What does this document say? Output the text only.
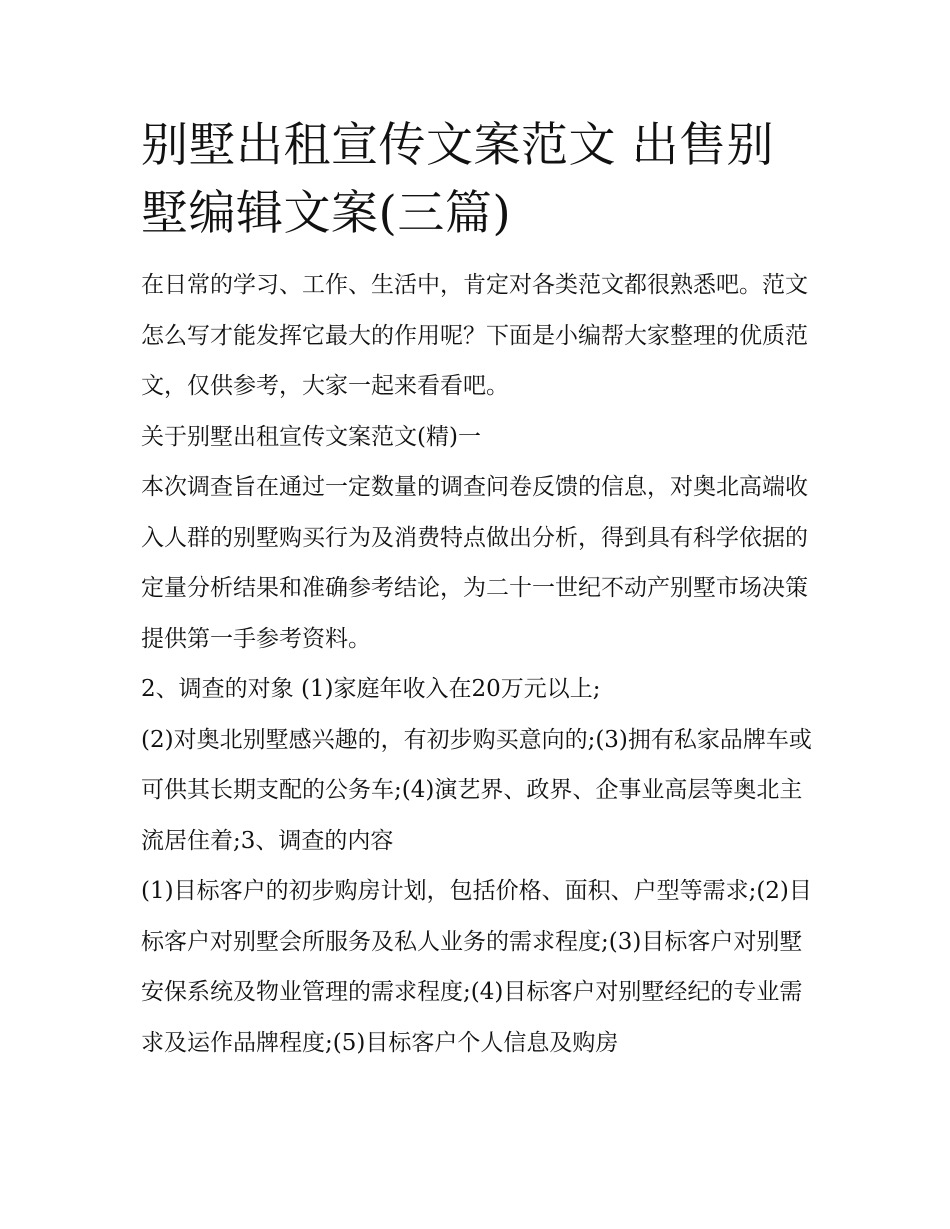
别墅出租宣传文案范文 出售别墅编辑文案(三篇)

在日常的学习、工作、生活中，肯定对各类范文都很熟悉吧。范文怎么写才能发挥它最大的作用呢？下面是小编帮大家整理的优质范文，仅供参考，大家一起来看看吧。

关于别墅出租宣传文案范文(精)一

本次调查旨在通过一定数量的调查问卷反馈的信息，对奥北高端收入人群的别墅购买行为及消费特点做出分析，得到具有科学依据的定量分析结果和准确参考结论，为二十一世纪不动产别墅市场决策提供第一手参考资料。

2、调查的对象 (1)家庭年收入在20万元以上;

(2)对奥北别墅感兴趣的，有初步购买意向的;(3)拥有私家品牌车或可供其长期支配的公务车;(4)演艺界、政界、企事业高层等奥北主流居住着;3、调查的内容

(1)目标客户的初步购房计划，包括价格、面积、户型等需求;(2)目标客户对别墅会所服务及私人业务的需求程度;(3)目标客户对别墅安保系统及物业管理的需求程度;(4)目标客户对别墅经纪的专业需求及运作品牌程度;(5)目标客户个人信息及购房
